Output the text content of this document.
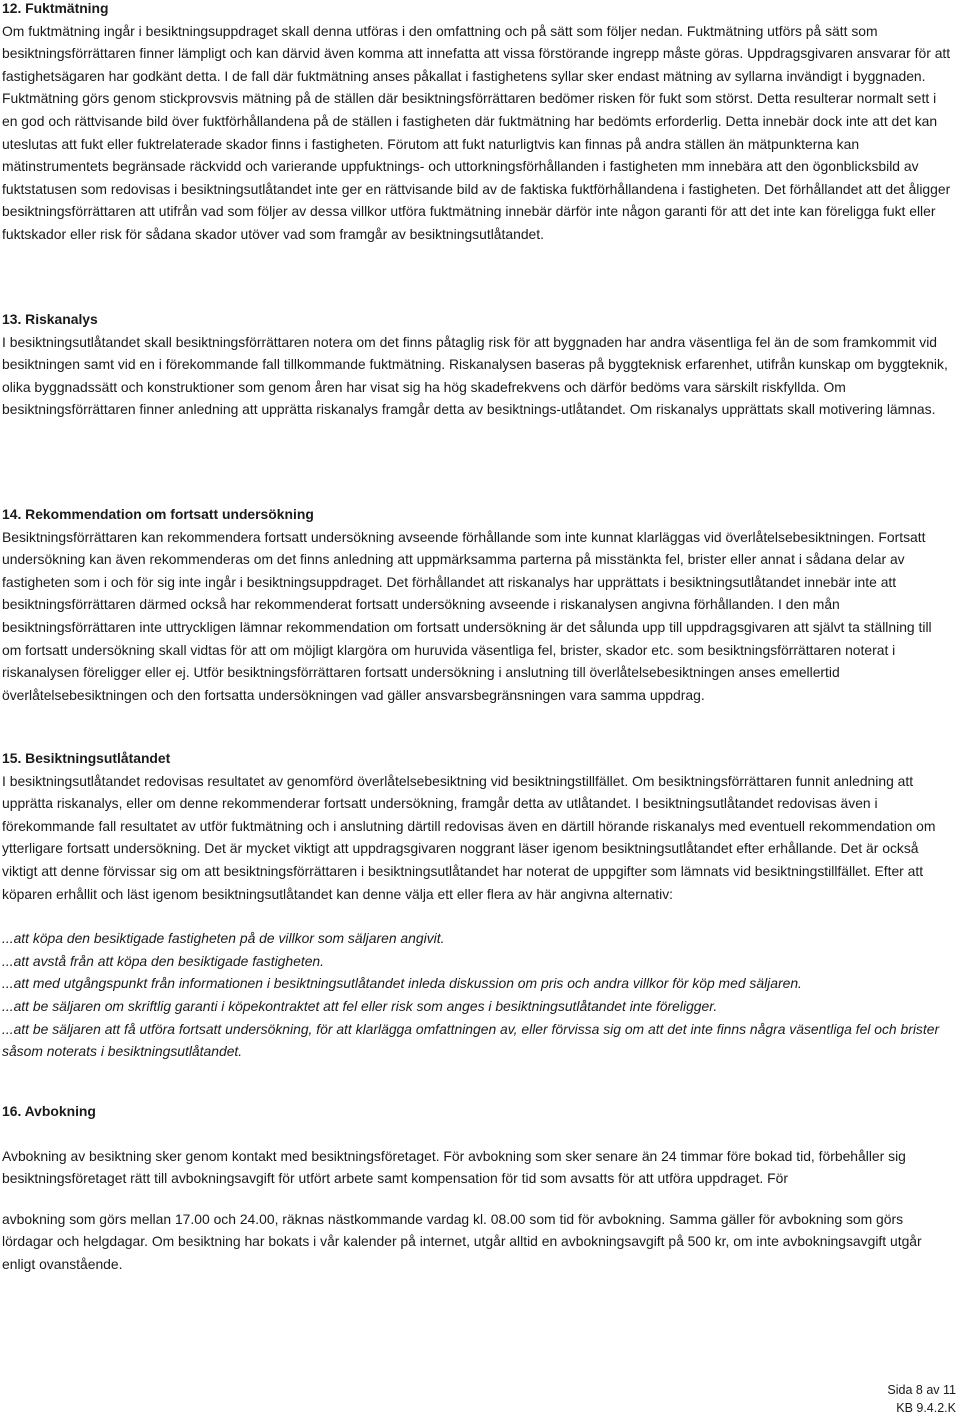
12. Fuktmätning

Om fuktmätning ingår i besiktningsuppdraget skall denna utföras i den omfattning och på sätt som följer nedan. Fuktmätning utförs på sätt som besiktningsförrättaren finner lämpligt och kan därvid även komma att innefatta att vissa förstörande ingrepp måste göras. Uppdragsgivaren ansvarar för att fastighetsägaren har godkänt detta. I de fall där fuktmätning anses påkallat i fastighetens syllar sker endast mätning av syllarna invändigt i byggnaden. Fuktmätning görs genom stickprovsvis mätning på de ställen där besiktningsförrättaren bedömer risken för fukt som störst. Detta resulterar normalt sett i en god och rättvisande bild över fuktförhållandena på de ställen i fastigheten där fuktmätning har bedömts erforderlig. Detta innebär dock inte att det kan uteslutas att fukt eller fuktrelaterade skador finns i fastigheten. Förutom att fukt naturligtvis kan finnas på andra ställen än mätpunkterna kan mätinstrumentets begränsade räckvidd och varierande uppfuktnings- och uttorkningsförhållanden i fastigheten mm innebära att den ögonblicksbild av fuktstatusen som redovisas i besiktningsutlåtandet inte ger en rättvisande bild av de faktiska fuktförhållandena i fastigheten. Det förhållandet att det åligger besiktningsförrättaren att utifrån vad som följer av dessa villkor utföra fuktmätning innebär därför inte någon garanti för att det inte kan föreligga fukt eller fuktskador eller risk för sådana skador utöver vad som framgår av besiktningsutlåtandet.

13. Riskanalys

I besiktningsutlåtandet skall besiktningsförrättaren notera om det finns påtaglig risk för att byggnaden har andra väsentliga fel än de som framkommit vid besiktningen samt vid en i förekommande fall tillkommande fuktmätning. Riskanalysen baseras på byggteknisk erfarenhet, utifrån kunskap om byggteknik, olika byggnadssätt och konstruktioner som genom åren har visat sig ha hög skadefrekvens och därför bedöms vara särskilt riskfyllda. Om besiktningsförrättaren finner anledning att upprätta riskanalys framgår detta av besiktnings-utlåtandet. Om riskanalys upprättats skall motivering lämnas.

14. Rekommendation om fortsatt undersökning

Besiktningsförrättaren kan rekommendera fortsatt undersökning avseende förhållande som inte kunnat klarläggas vid överlåtelsebesiktningen. Fortsatt undersökning kan även rekommenderas om det finns anledning att uppmärksamma parterna på misstänkta fel, brister eller annat i sådana delar av fastigheten som i och för sig inte ingår i besiktningsuppdraget. Det förhållandet att riskanalys har upprättats i besiktningsutlåtandet innebär inte att besiktningsförrättaren därmed också har rekommenderat fortsatt undersökning avseende i riskanalysen angivna förhållanden. I den mån besiktningsförrättaren inte uttryckligen lämnar rekommendation om fortsatt undersökning är det sålunda upp till uppdragsgivaren att självt ta ställning till om fortsatt undersökning skall vidtas för att om möjligt klargöra om huruvida väsentliga fel, brister, skador etc. som besiktningsförrättaren noterat i riskanalysen föreligger eller ej. Utför besiktningsförrättaren fortsatt undersökning i anslutning till överlåtelsebesiktningen anses emellertid överlåtelsebesiktningen och den fortsatta undersökningen vad gäller ansvarsbegränsningen vara samma uppdrag.

15. Besiktningsutlåtandet

I besiktningsutlåtandet redovisas resultatet av genomförd överlåtelsebesiktning vid besiktningstillfället. Om besiktningsförrättaren funnit anledning att upprätta riskanalys, eller om denne rekommenderar fortsatt undersökning, framgår detta av utlåtandet. I besiktningsutlåtandet redovisas även i förekommande fall resultatet av utför fuktmätning och i anslutning därtill redovisas även en därtill hörande riskanalys med eventuell rekommendation om ytterligare fortsatt undersökning. Det är mycket viktigt att uppdragsgivaren noggrant läser igenom besiktningsutlåtandet efter erhållande. Det är också viktigt att denne förvissar sig om att besiktningsförrättaren i besiktningsutlåtandet har noterat de uppgifter som lämnats vid besiktningstillfället. Efter att köparen erhållit och läst igenom besiktningsutlåtandet kan denne välja ett eller flera av här angivna alternativ:

...att köpa den besiktigade fastigheten på de villkor som säljaren angivit.

...att avstå från att köpa den besiktigade fastigheten.

...att med utgångspunkt från informationen i besiktningsutlåtandet inleda diskussion om pris och andra villkor för köp med säljaren.

...att be säljaren om skriftlig garanti i köpekontraktet att fel eller risk som anges i besiktningsutlåtandet inte föreligger.

...att be säljaren att få utföra fortsatt undersökning, för att klarlägga omfattningen av, eller förvissa sig om att det inte finns några väsentliga fel och brister såsom noterats i besiktningsutlåtandet.

16. Avbokning

Avbokning av besiktning sker genom kontakt med besiktningsföretaget. För avbokning som sker senare än 24 timmar före bokad tid, förbehåller sig besiktningsföretaget rätt till avbokningsavgift för utfört arbete samt kompensation för tid som avsatts för att utföra uppdraget. För

avbokning som görs mellan 17.00 och 24.00, räknas nästkommande vardag kl. 08.00 som tid för avbokning. Samma gäller för avbokning som görs lördagar och helgdagar. Om besiktning har bokats i vår kalender på internet, utgår alltid en avbokningsavgift på 500 kr, om inte avbokningsavgift utgår enligt ovanstående.

Sida 8 av 11
KB 9.4.2.K
